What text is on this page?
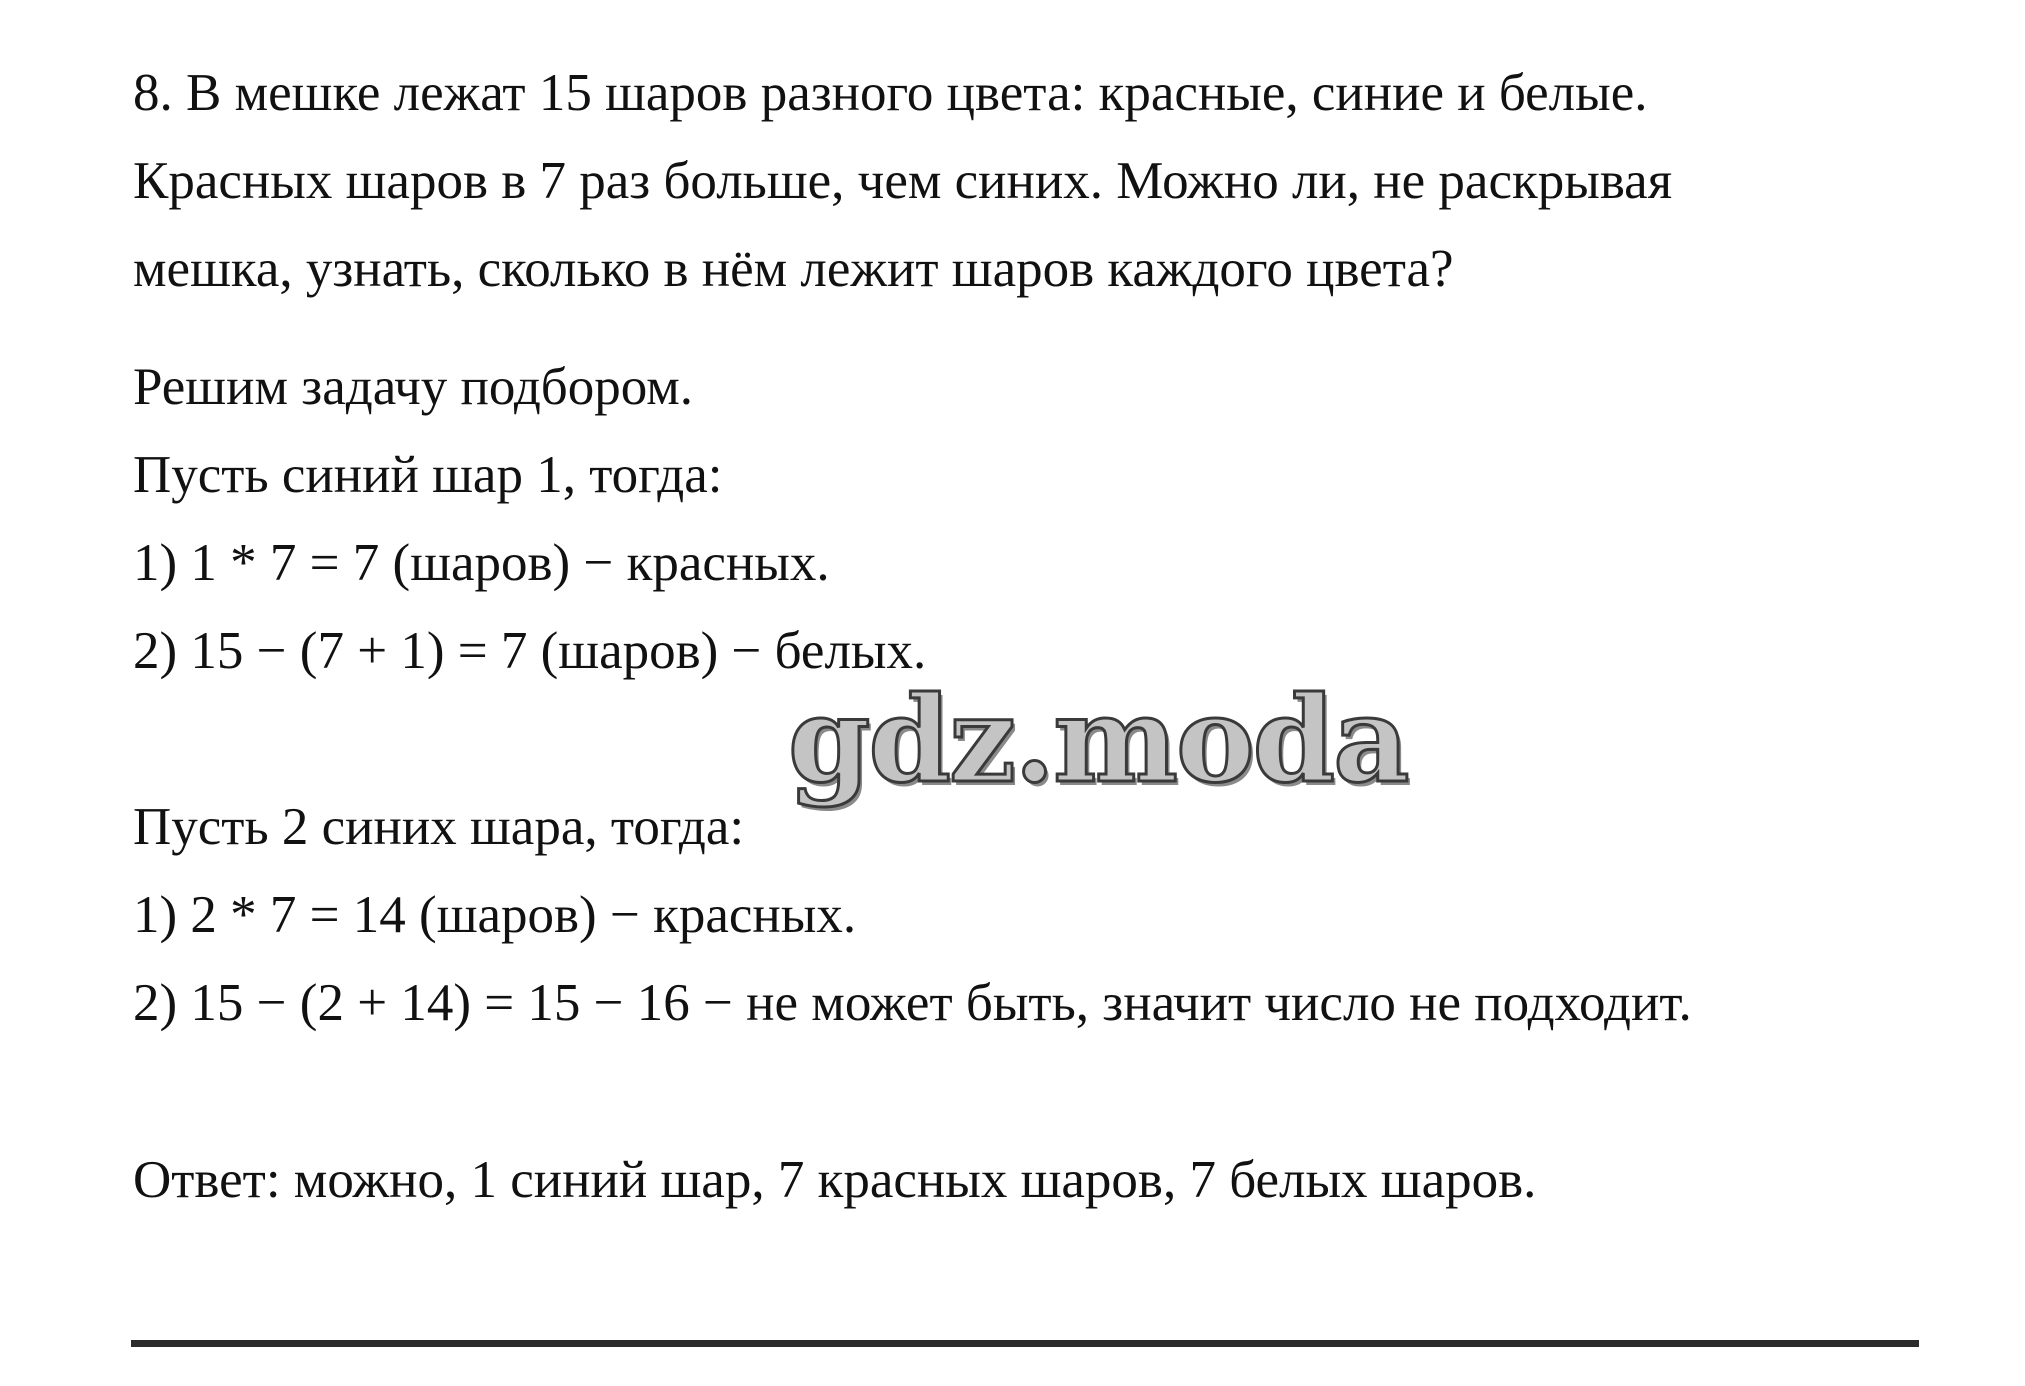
8. В мешке лежат 15 шаров разного цвета: красные, синие и белые.

Красных шаров в 7 раз больше, чем синих. Можно ли, не раскрывая

мешка, узнать, сколько в нём лежит шаров каждого цвета?

Решим задачу подбором.

Пусть синий шар 1, тогда:

1) 1 * 7 = 7 (шаров) − красных.

2) 15 − (7 + 1) = 7 (шаров) − белых.

gdz.moda

Пусть 2 синих шара, тогда:

1) 2 * 7 = 14 (шаров) − красных.

2) 15 − (2 + 14) = 15 − 16 − не может быть, значит число не подходит.

Ответ: можно, 1 синий шар, 7 красных шаров, 7 белых шаров.
